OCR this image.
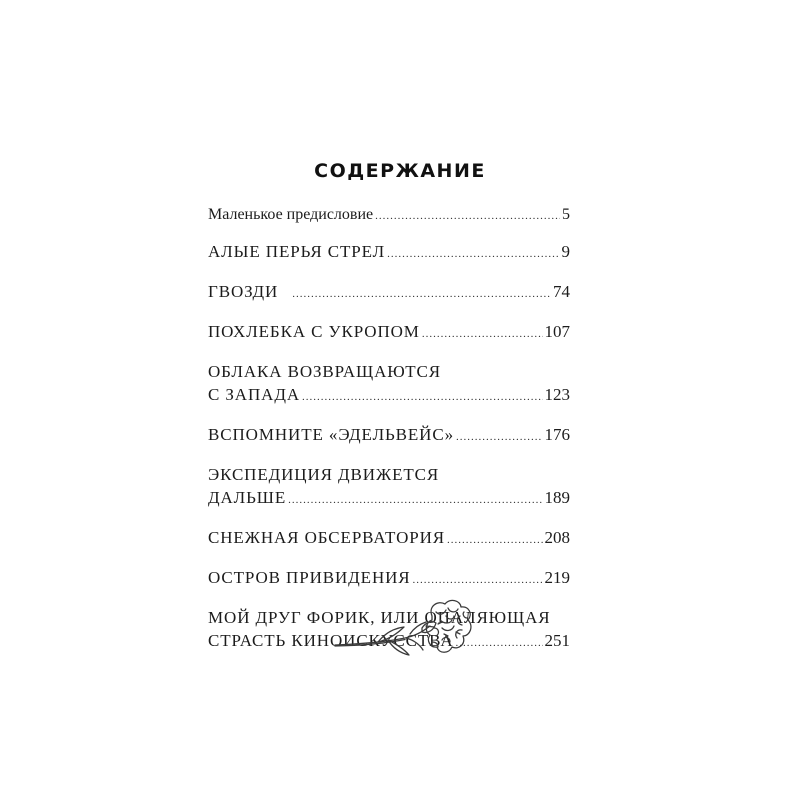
СОДЕРЖАНИЕ
Маленькое предисловие .....	5
АЛЫЕ ПЕРЬЯ СТРЕЛ .....	9
ГВОЗДИ .....	74
ПОХЛЕБКА С УКРОПОМ .....	107
ОБЛАКА ВОЗВРАЩАЮТСЯ
С ЗАПАДА .....	123
ВСПОМНИТЕ «ЭДЕЛЬВЕЙС» .....	176
ЭКСПЕДИЦИЯ ДВИЖЕТСЯ
ДАЛЬШЕ .....	189
СНЕЖНАЯ ОБСЕРВАТОРИЯ .....	208
ОСТРОВ ПРИВИДЕНИЯ .....	219
МОЙ ДРУГ ФОРИК, ИЛИ ОПАЛЯЮЩАЯ
СТРАСТЬ КИНОИСКУССТВА .....	251
